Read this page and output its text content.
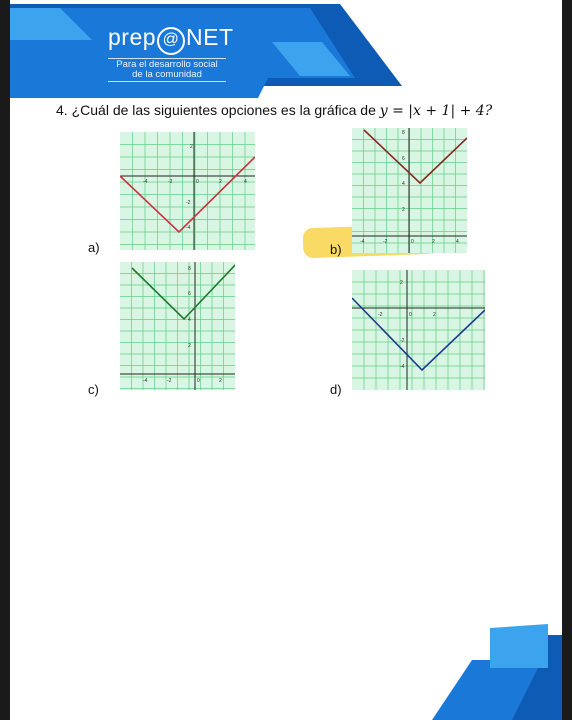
prep @ NET
Para el desarrollo social
de la comunidad
4. ¿Cuál de las siguientes opciones es la gráfica de y = |x + 1| + 4?
a)	b)
c)	d)
2
-4	-2	0	2	4
-2
-4
8
6
4
2
-4	-2	0	2	4
8
6
4
2
-4	-2	0	2
2
-2	0	2
-2
-4
